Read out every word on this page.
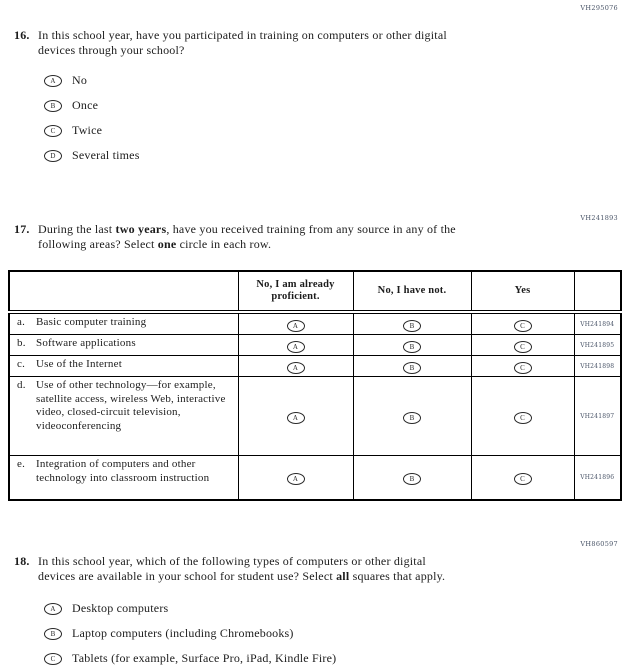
VH295076
16. In this school year, have you participated in training on computers or other digital
devices through your school?
A	No
B	Once
C	Twice
D	Several times
VH241893
17. During the last two years, have you received training from any source in any of the
following areas? Select one circle in each row.
	No, I am already proficient.	No, I have not.	Yes	

a. Basic computer training	A	B	C	VH241894

b. Software applications	A	B	C	VH241895

c. Use of the Internet	A	B	C	VH241898

d. Use of other technology—for example, satellite access, wireless Web, interactive video, closed-circuit television, videoconferencing	A	B	C	VH241897

e. Integration of computers and other technology into classroom instruction	A	B	C	VH241896
VH860597
18. In this school year, which of the following types of computers or other digital
devices are available in your school for student use? Select all squares that apply.
A	Desktop computers
B	Laptop computers (including Chromebooks)
C	Tablets (for example, Surface Pro, iPad, Kindle Fire)
